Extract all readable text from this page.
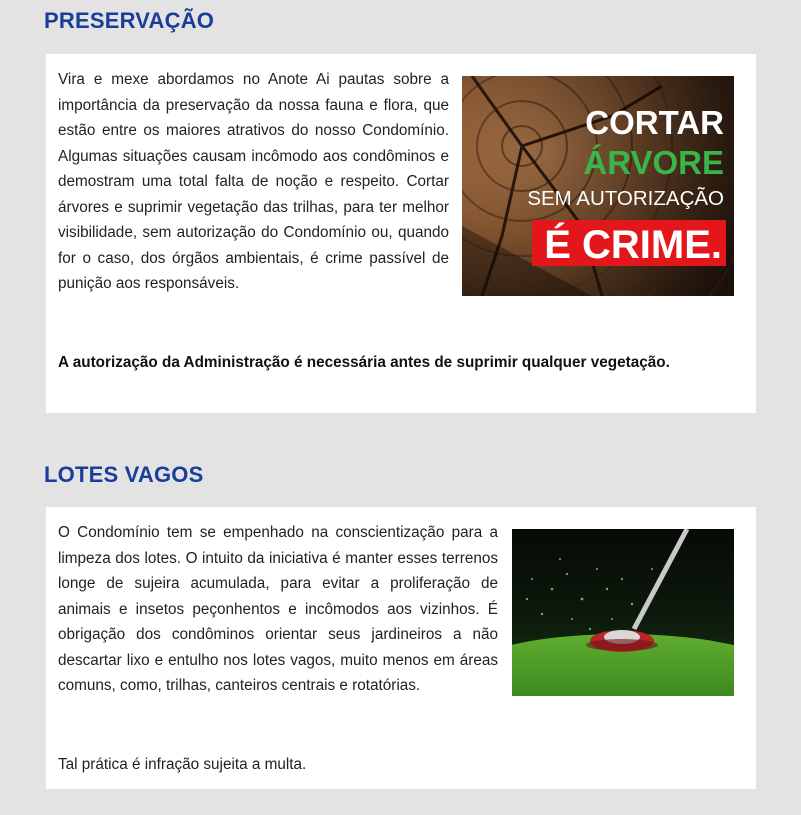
PRESERVAÇÃO

Vira e mexe abordamos no Anote Ai pautas sobre a importância da preservação da nossa fauna e flora, que estão entre os maiores atrativos do nosso Condomínio. Algumas situações causam incômodo aos condôminos e demostram uma total falta de noção e respeito. Cortar árvores e suprimir vegetação das trilhas, para ter melhor visibilidade, sem autorização do Condomínio ou, quando for o caso, dos órgãos ambientais, é crime passível de punição aos responsáveis.

A autorização da Administração é necessária antes de suprimir qualquer vegetação.

CORTAR
ÁRVORE
SEM AUTORIZAÇÃO
É CRIME.
LOTES VAGOS

O Condomínio tem se empenhado na conscientização para a limpeza dos lotes. O intuito da iniciativa é manter esses terrenos longe de sujeira acumulada, para evitar a proliferação de animais e insetos peçonhentos e incômodos aos vizinhos. É obrigação dos condôminos orientar seus jardineiros a não descartar lixo e entulho nos lotes vagos, muito menos em áreas comuns, como, trilhas, canteiros centrais e rotatórias.

Tal prática é infração sujeita a multa.
